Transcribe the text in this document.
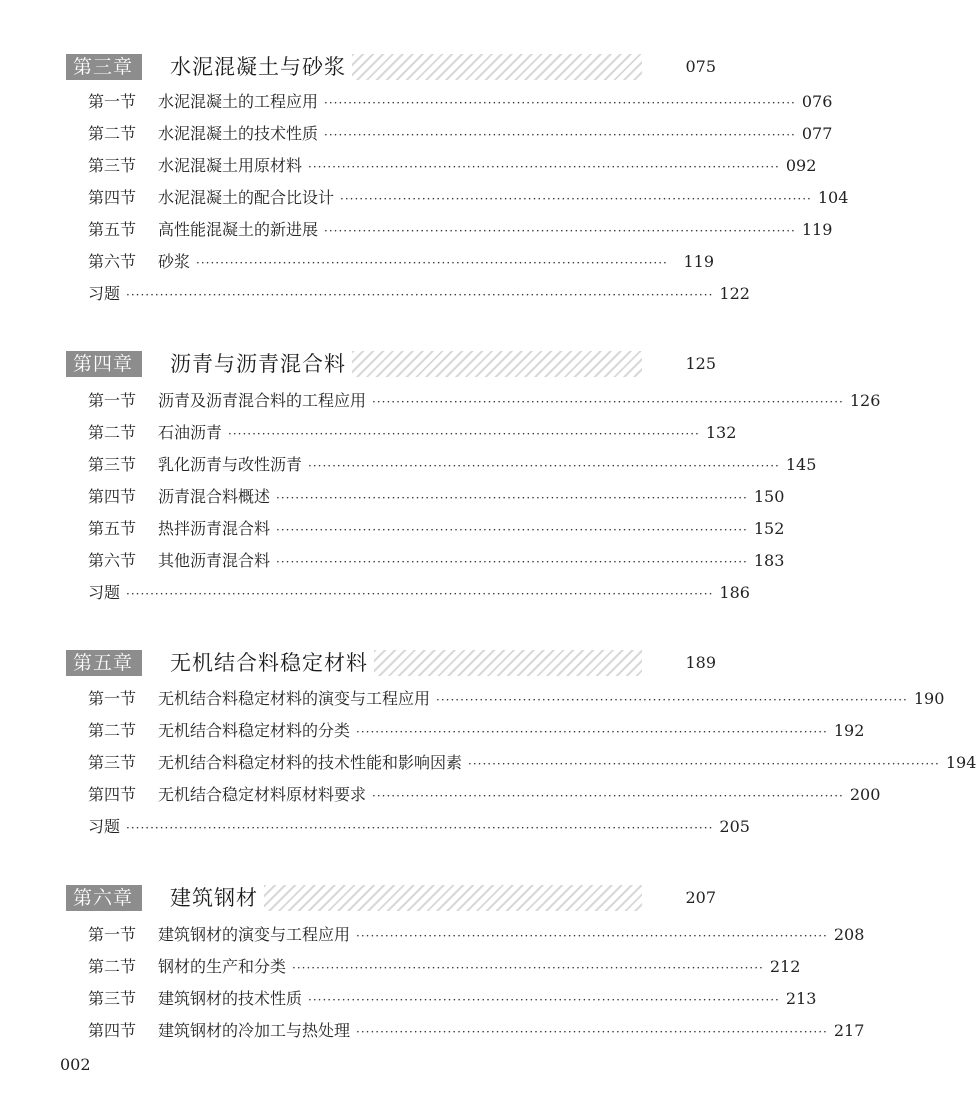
第三章	水泥混凝土与砂浆	075
第一节	水泥混凝土的工程应用 ·································································································· 076
第二节	水泥混凝土的技术性质 ·································································································· 077
第三节	水泥混凝土用原材料 ·································································································· 092
第四节	水泥混凝土的配合比设计 ·································································································· 104
第五节	高性能混凝土的新进展 ·································································································· 119
第六节	砂浆 ·································································································· 119
习题 ·························································································································· 122
第四章	沥青与沥青混合料	125
第一节	沥青及沥青混合料的工程应用 ·································································································· 126
第二节	石油沥青 ·································································································· 132
第三节	乳化沥青与改性沥青 ·································································································· 145
第四节	沥青混合料概述 ·································································································· 150
第五节	热拌沥青混合料 ·································································································· 152
第六节	其他沥青混合料 ·································································································· 183
习题 ·························································································································· 186
第五章	无机结合料稳定材料	189
第一节	无机结合料稳定材料的演变与工程应用 ·································································································· 190
第二节	无机结合料稳定材料的分类 ·································································································· 192
第三节	无机结合料稳定材料的技术性能和影响因素 ·································································································· 194
第四节	无机结合稳定材料原材料要求 ·································································································· 200
习题 ·························································································································· 205
第六章	建筑钢材	207
第一节	建筑钢材的演变与工程应用 ·································································································· 208
第二节	钢材的生产和分类 ·································································································· 212
第三节	建筑钢材的技术性质 ·································································································· 213
第四节	建筑钢材的冷加工与热处理 ·································································································· 217
002
